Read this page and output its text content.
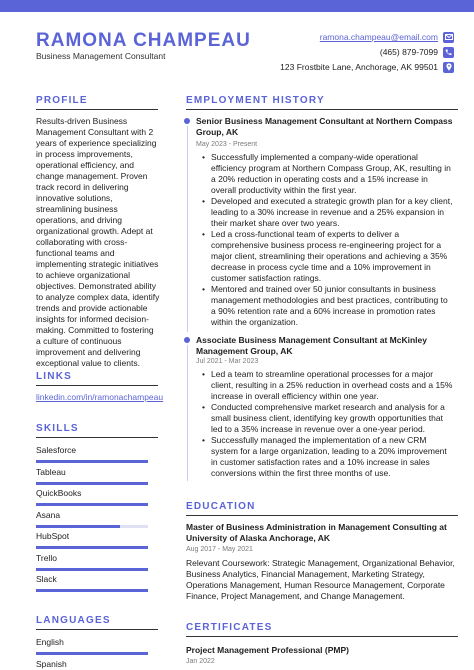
RAMONA CHAMPEAU
Business Management Consultant
ramona.champeau@email.com
(465) 879-7099
123 Frostbite Lane, Anchorage, AK 99501
PROFILE
Results-driven Business Management Consultant with 2 years of experience specializing in process improvements, operational efficiency, and change management. Proven track record in delivering innovative solutions, streamlining business operations, and driving organizational growth. Adept at collaborating with cross-functional teams and implementing strategic initiatives to achieve organizational objectives. Demonstrated ability to analyze complex data, identify trends and provide actionable insights for informed decision-making. Committed to fostering a culture of continuous improvement and delivering exceptional value to clients.
LINKS
linkedin.com/in/ramonachampeau
SKILLS
Salesforce
Tableau
QuickBooks
Asana
HubSpot
Trello
Slack
LANGUAGES
English
Spanish
EMPLOYMENT HISTORY
Senior Business Management Consultant at Northern Compass Group, AK
May 2023 - Present
• Successfully implemented a company-wide operational efficiency program at Northern Compass Group, AK, resulting in a 20% reduction in operating costs and a 15% increase in overall productivity within the first year.
• Developed and executed a strategic growth plan for a key client, leading to a 30% increase in revenue and a 25% expansion in their market share over two years.
• Led a cross-functional team of experts to deliver a comprehensive business process re-engineering project for a major client, streamlining their operations and achieving a 35% decrease in process cycle time and a 10% improvement in customer satisfaction ratings.
• Mentored and trained over 50 junior consultants in business management methodologies and best practices, contributing to a 90% retention rate and a 60% increase in promotion rates within the organization.
Associate Business Management Consultant at McKinley Management Group, AK
Jul 2021 - Mar 2023
• Led a team to streamline operational processes for a major client, resulting in a 25% reduction in overhead costs and a 15% increase in overall efficiency within one year.
• Conducted comprehensive market research and analysis for a small business client, identifying key growth opportunities that led to a 35% increase in revenue over a one-year period.
• Successfully managed the implementation of a new CRM system for a large organization, leading to a 20% improvement in customer satisfaction rates and a 10% increase in sales conversions within the first three months of use.
EDUCATION
Master of Business Administration in Management Consulting at University of Alaska Anchorage, AK
Aug 2017 - May 2021
Relevant Coursework: Strategic Management, Organizational Behavior, Business Analytics, Financial Management, Marketing Strategy, Operations Management, Human Resource Management, Corporate Finance, Project Management, and Change Management.
CERTIFICATES
Project Management Professional (PMP)
Jan 2022
